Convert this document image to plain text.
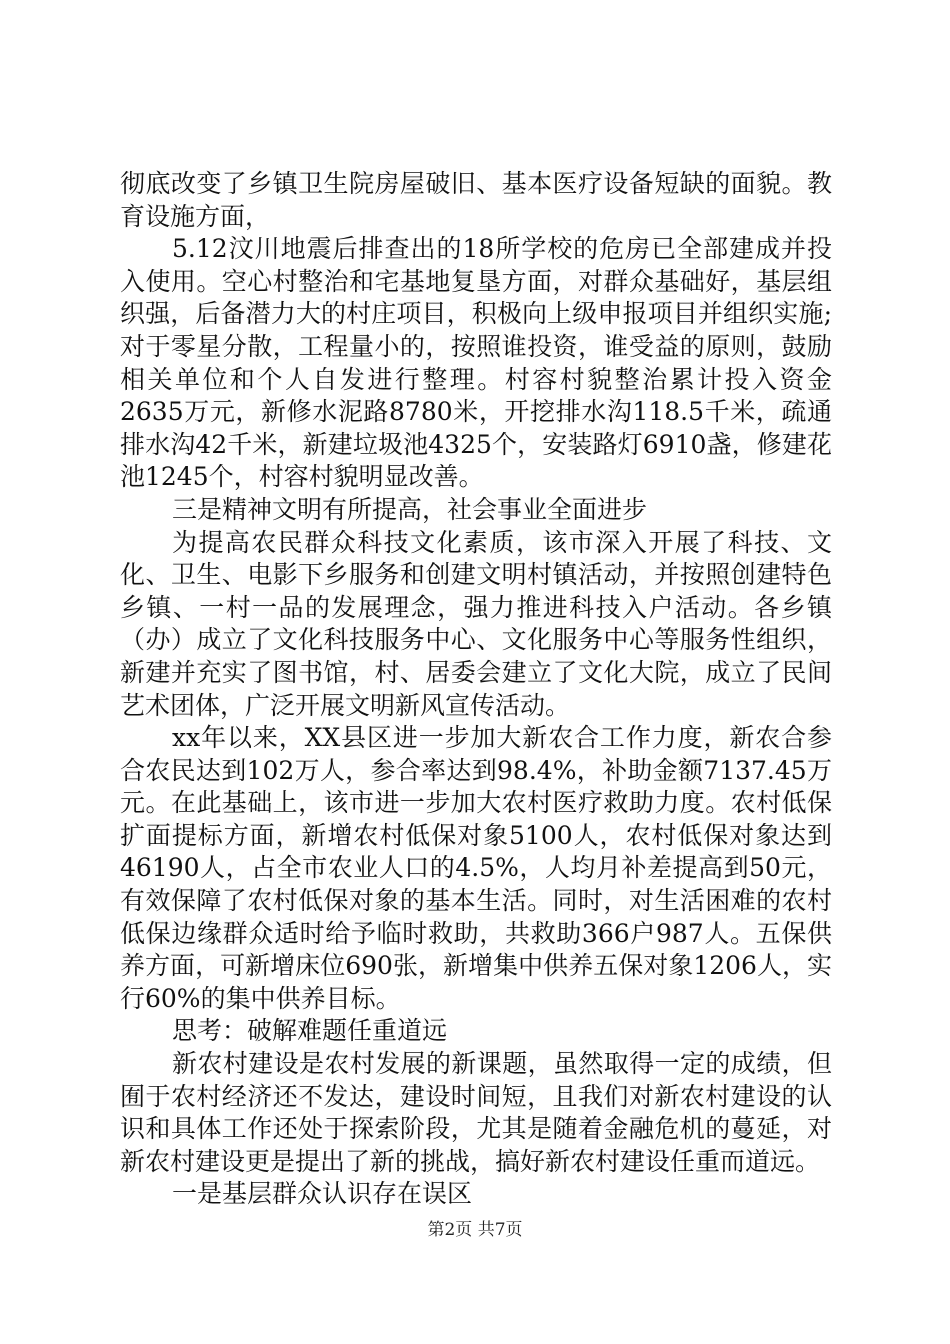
彻底改变了乡镇卫生院房屋破旧、基本医疗设备短缺的面貌。教育设施方面，

5.12汶川地震后排查出的18所学校的危房已全部建成并投入使用。空心村整治和宅基地复垦方面，对群众基础好，基层组织强，后备潜力大的村庄项目，积极向上级申报项目并组织实施;对于零星分散，工程量小的，按照谁投资，谁受益的原则，鼓励相关单位和个人自发进行整理。村容村貌整治累计投入资金2635万元，新修水泥路8780米，开挖排水沟118.5千米，疏通排水沟42千米，新建垃圾池4325个，安装路灯6910盏，修建花池1245个，村容村貌明显改善。

三是精神文明有所提高，社会事业全面进步

为提高农民群众科技文化素质，该市深入开展了科技、文化、卫生、电影下乡服务和创建文明村镇活动，并按照创建特色乡镇、一村一品的发展理念，强力推进科技入户活动。各乡镇（办）成立了文化科技服务中心、文化服务中心等服务性组织，新建并充实了图书馆，村、居委会建立了文化大院，成立了民间艺术团体，广泛开展文明新风宣传活动。

xx年以来，XX县区进一步加大新农合工作力度，新农合参合农民达到102万人，参合率达到98.4%，补助金额7137.45万元。在此基础上，该市进一步加大农村医疗救助力度。农村低保扩面提标方面，新增农村低保对象5100人，农村低保对象达到46190人，占全市农业人口的4.5%，人均月补差提高到50元，有效保障了农村低保对象的基本生活。同时，对生活困难的农村低保边缘群众适时给予临时救助，共救助366户987人。五保供养方面，可新增床位690张，新增集中供养五保对象1206人，实行60%的集中供养目标。

思考：破解难题任重道远

新农村建设是农村发展的新课题，虽然取得一定的成绩，但囿于农村经济还不发达，建设时间短，且我们对新农村建设的认识和具体工作还处于探索阶段，尤其是随着金融危机的蔓延，对新农村建设更是提出了新的挑战，搞好新农村建设任重而道远。

一是基层群众认识存在误区

第2页 共7页
